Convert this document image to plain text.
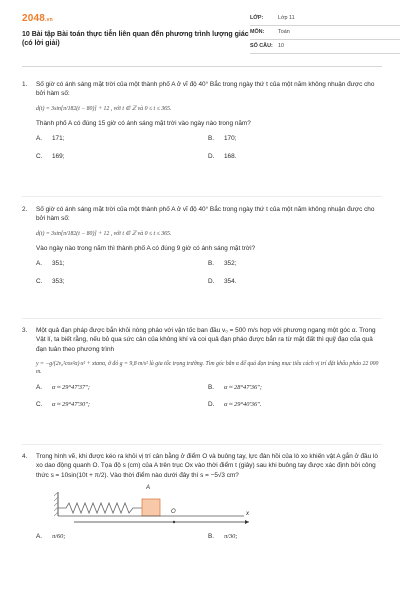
2048.vn
10 Bài tập Bài toán thực tiễn liên quan đến phương trình lượng giác (có lời giải)
LỚP:	Lớp 11
MÔN:	Toán
SỐ CÂU: 10
1. Số giờ có ánh sáng mặt trời của một thành phố A ở vĩ độ 40° Bắc trong ngày thứ t của một năm không nhuận được cho bởi hàm số:

d(t) = 3sin[π/182(t − 80)] + 12 , với t ∈ ℤ và 0 ≤ t ≤ 365.

Thành phố A có đúng 15 giờ có ánh sáng mặt trời vào ngày nào trong năm?

A.	171;	B.	170;
C. 169;	D. 168.
2. Số giờ có ánh sáng mặt trời của một thành phố A ở vĩ độ 40° Bắc trong ngày thứ t của một năm không nhuận được cho bởi hàm số:

d(t) = 3sin[π/182(t − 80)] + 12 , với t ∈ ℤ và 0 ≤ t ≤ 365.

Vào ngày nào trong năm thì thành phố A có đúng 9 giờ có ánh sáng mặt trời?

A.	351;	B.	352;
C. 353;	D. 354.
3. Một quả đạn pháp được bắn khỏi nòng pháo với vận tốc ban đầu v₀ = 500 m/s hợp với phương ngang một góc α. Trong Vật lí, ta biết rằng, nếu bỏ qua sức cản của không khí và coi quả đạn pháo được bắn ra từ mặt đất thì quỹ đạo của quả đạn tuân theo phương trình

y = −g/(2v₀²cos²α)·x² + xtanα, ở đó g = 9,8 m/s² là gia tốc trọng trường. Tìm góc bắn α để quả đạn trúng mục tiêu cách vị trí đặt khẩu pháo 22 000 m.
A.	α ≈ 29°47′37″;	B.	α ≈ 28°47′36″;
C. α ≈ 29°47′30″;	D. α ≈ 29°40′36″.
4. Trong hình vẽ, khi được kéo ra khỏi vị trí cân bằng ở điểm O và buông tay, lực đàn hồi của lò xo khiến vật A gắn ở đầu lò xo dao động quanh O. Tọa độ s (cm) của A trên trục Ox vào thời điểm t (giây) sau khi buông tay được xác định bởi công thức s = 10sin(10t + π/2). Vào thời điểm nào dưới đây thì s = −5√3 cm?

A
O	x
A.	π/60;	B.	π/30;
